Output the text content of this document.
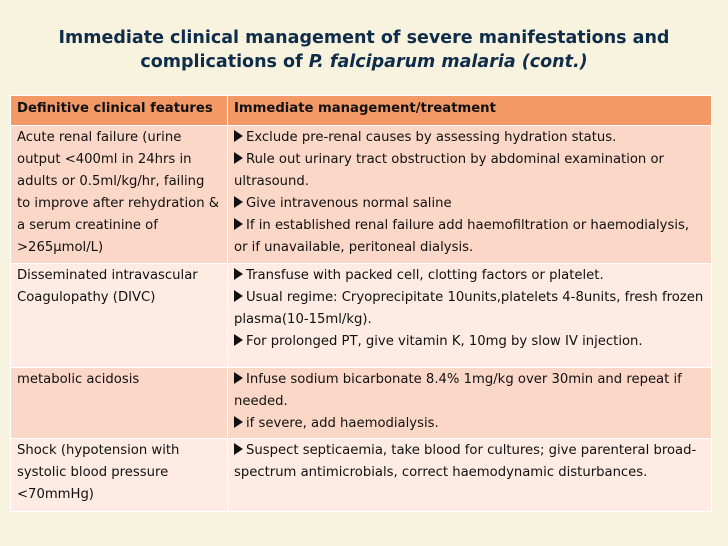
Immediate clinical management of severe manifestations and
complications of P. falciparum malaria (cont.)
Definitive clinical features	Immediate management/treatment
Acute renal failure (urine output <400ml in 24hrs in adults or 0.5ml/kg/hr, failing to improve after rehydration & a serum creatinine of >265µmol/L)	Exclude pre-renal causes by assessing hydration status.
Rule out urinary tract obstruction by abdominal examination or ultrasound.
Give intravenous normal saline
If in established renal failure add haemofiltration or haemodialysis, or if unavailable, peritoneal dialysis.

Disseminated intravascular Coagulopathy (DIVC)	Transfuse with packed cell, clotting factors or platelet.
Usual regime: Cryoprecipitate 10units,platelets 4-8units, fresh frozen plasma(10-15ml/kg).
For prolonged PT, give vitamin K, 10mg by slow IV injection.

metabolic acidosis	Infuse sodium bicarbonate 8.4% 1mg/kg over 30min and repeat if needed.
if severe, add haemodialysis.

Shock (hypotension with systolic blood pressure <70mmHg)	Suspect septicaemia, take blood for cultures; give parenteral broad-spectrum antimicrobials, correct haemodynamic disturbances.
